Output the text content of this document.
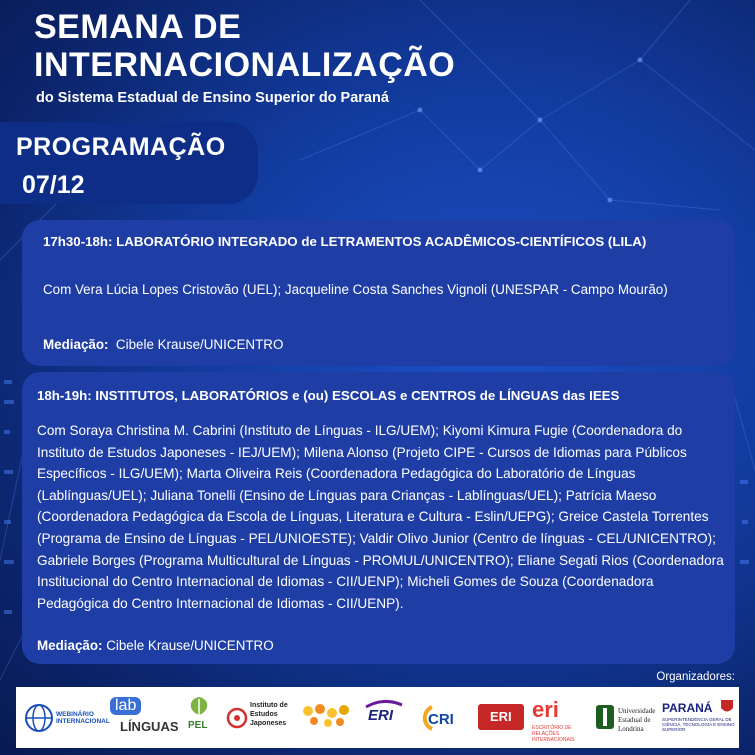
SEMANA DE
INTERNACIONALIZAÇÃO
do Sistema Estadual de Ensino Superior do Paraná
PROGRAMAÇÃO
07/12
17h30-18h: LABORATÓRIO INTEGRADO de LETRAMENTOS ACADÊMICOS-CIENTÍFICOS (LILA)

Com Vera Lúcia Lopes Cristovão (UEL); Jacqueline Costa Sanches Vignoli (UNESPAR - Campo Mourão)

Mediação:  Cibele Krause/UNICENTRO

18h-19h: INSTITUTOS, LABORATÓRIOS e (ou) ESCOLAS e CENTROS de LÍNGUAS das IEES

Com Soraya Christina M. Cabrini (Instituto de Línguas - ILG/UEM); Kiyomi Kimura Fugie (Coordenadora do Instituto de Estudos Japoneses - IEJ/UEM); Milena Alonso (Projeto CIPE - Cursos de Idiomas para Públicos Específicos - ILG/UEM); Marta Oliveira Reis (Coordenadora Pedagógica do Laboratório de Línguas (Lablínguas/UEL); Juliana Tonelli (Ensino de Línguas para Crianças - Lablínguas/UEL); Patrícia Maeso (Coordenadora Pedagógica da Escola de Línguas, Literatura e Cultura - Eslin/UEPG); Greice Castela Torrentes (Programa de Ensino de Línguas - PEL/UNIOESTE); Valdir Olivo Junior (Centro de línguas - CEL/UNICENTRO); Gabriele Borges (Programa Multicultural de Línguas - PROMUL/UNICENTRO); Eliane Segati Rios (Coordenadora Institucional do Centro Internacional de Idiomas - CII/UENP); Micheli Gomes de Souza (Coordenadora Pedagógica do Centro Internacional de Idiomas - CII/UENP).

Mediação: Cibele Krause/UNICENTRO

Organizadores:
WEBINÁRIO INTERNACIONAL
lab
LÍNGUAS PEL
Instituto de Estudos Japoneses	ERI CRI	ERI eri
ESCRITÓRIO DE RELAÇÕES INTERNACIONAIS
Universidade Estadual de Londrina
PARANÁ
SUPERINTENDÊNCIA GERAL DE CIÊNCIA, TECNOLOGIA E ENSINO SUPERIOR
